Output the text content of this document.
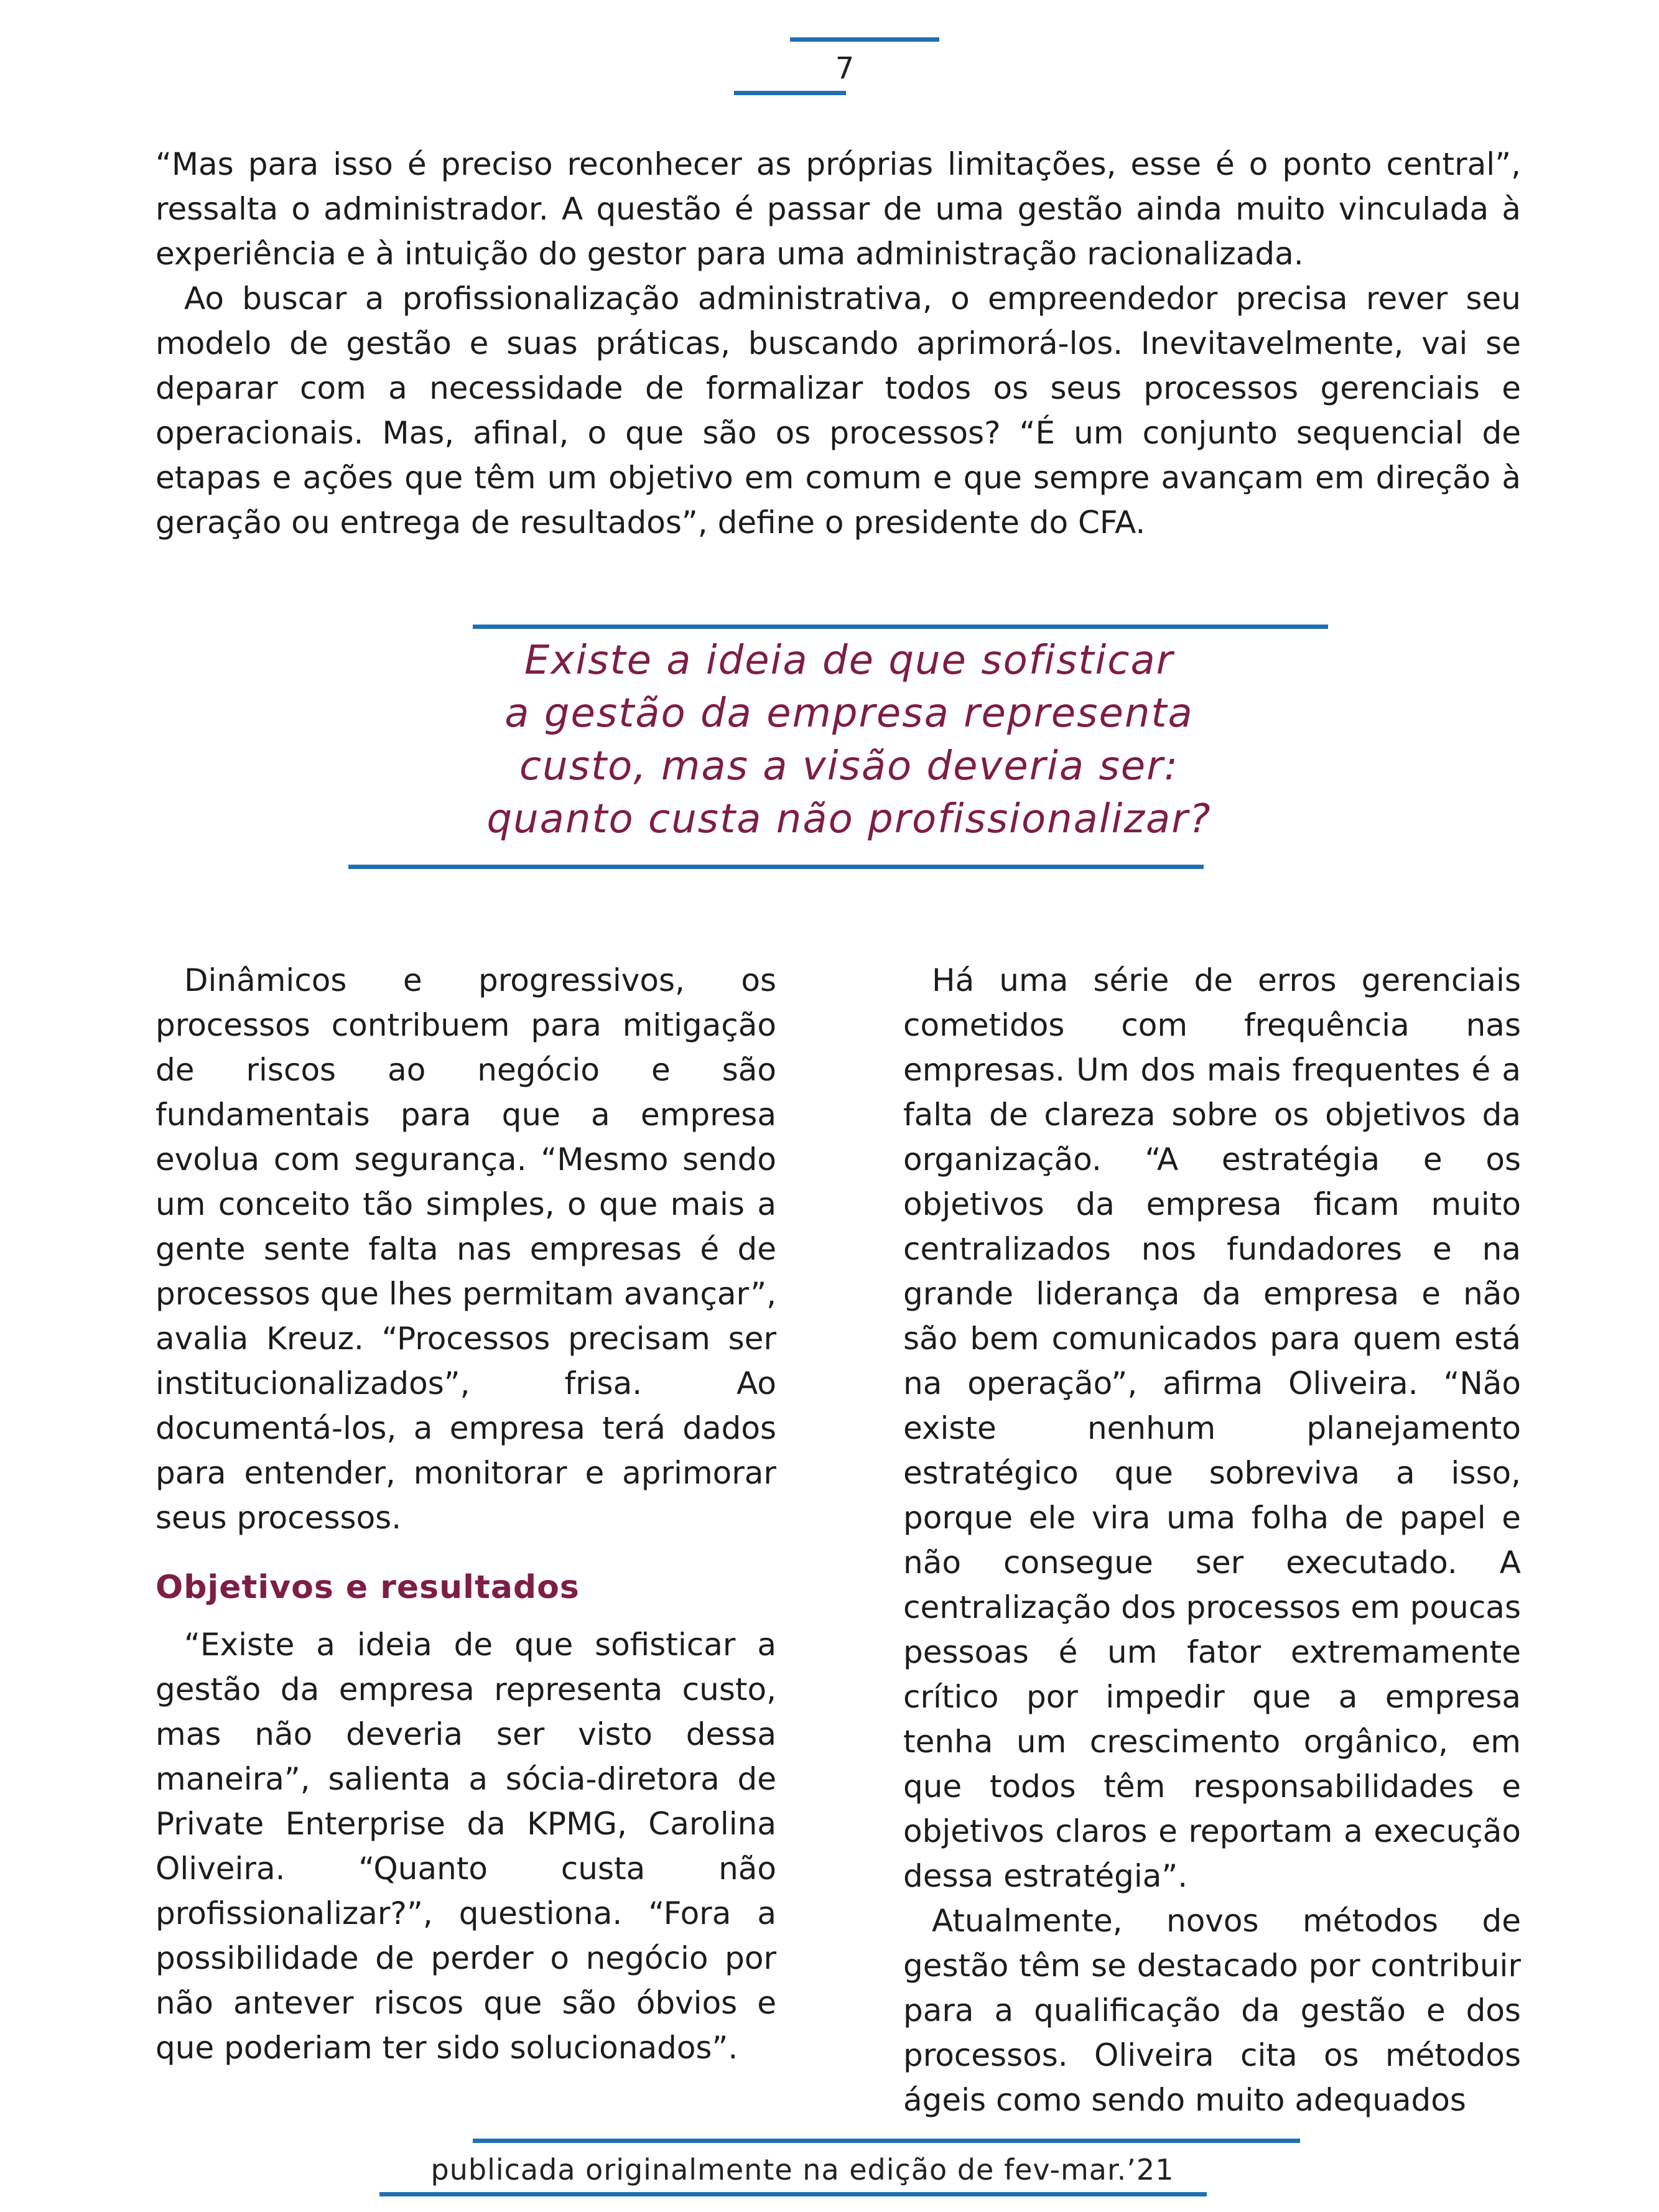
7

“Mas para isso é preciso reconhecer as próprias limitações, esse é o ponto central”, ressalta o administrador. A questão é passar de uma gestão ainda muito vinculada à experiência e à intuição do gestor para uma administração racionalizada.

Ao buscar a profissionalização administrativa, o empreendedor precisa rever seu modelo de gestão e suas práticas, buscando aprimorá-los. Inevitavelmente, vai se deparar com a necessidade de formalizar todos os seus processos gerenciais e operacionais. Mas, afinal, o que são os processos? “É um conjunto sequencial de etapas e ações que têm um objetivo em comum e que sempre avançam em direção à geração ou entrega de resultados”, define o presidente do CFA.

Existe a ideia de que sofisticar
a gestão da empresa representa
custo, mas a visão deveria ser:
quanto custa não profissionalizar?

Dinâmicos e progressivos, os processos contribuem para mitigação de riscos ao negócio e são fundamentais para que a empresa evolua com segurança. “Mesmo sendo um conceito tão simples, o que mais a gente sente falta nas empresas é de processos que lhes permitam avançar”, avalia Kreuz. “Processos precisam ser institucionalizados”, frisa. Ao documentá-los, a empresa terá dados para entender, monitorar e aprimorar seus processos.

Objetivos e resultados

“Existe a ideia de que sofisticar a gestão da empresa representa custo, mas não deveria ser visto dessa maneira”, salienta a sócia-diretora de Private Enterprise da KPMG, Carolina Oliveira. “Quanto custa não profissionalizar?”, questiona. “Fora a possibilidade de perder o negócio por não antever riscos que são óbvios e que poderiam ter sido solucionados”.

Há uma série de erros gerenciais cometidos com frequência nas empresas. Um dos mais frequentes é a falta de clareza sobre os objetivos da organização. “A estratégia e os objetivos da empresa ficam muito centralizados nos fundadores e na grande liderança da empresa e não são bem comunicados para quem está na operação”, afirma Oliveira. “Não existe nenhum planejamento estratégico que sobreviva a isso, porque ele vira uma folha de papel e não consegue ser executado. A centralização dos processos em poucas pessoas é um fator extremamente crítico por impedir que a empresa tenha um crescimento orgânico, em que todos têm responsabilidades e objetivos claros e reportam a execução dessa estratégia”.

Atualmente, novos métodos de gestão têm se destacado por contribuir para a qualificação da gestão e dos processos. Oliveira cita os métodos ágeis como sendo muito adequados

publicada originalmente na edição de fev-mar.’21
